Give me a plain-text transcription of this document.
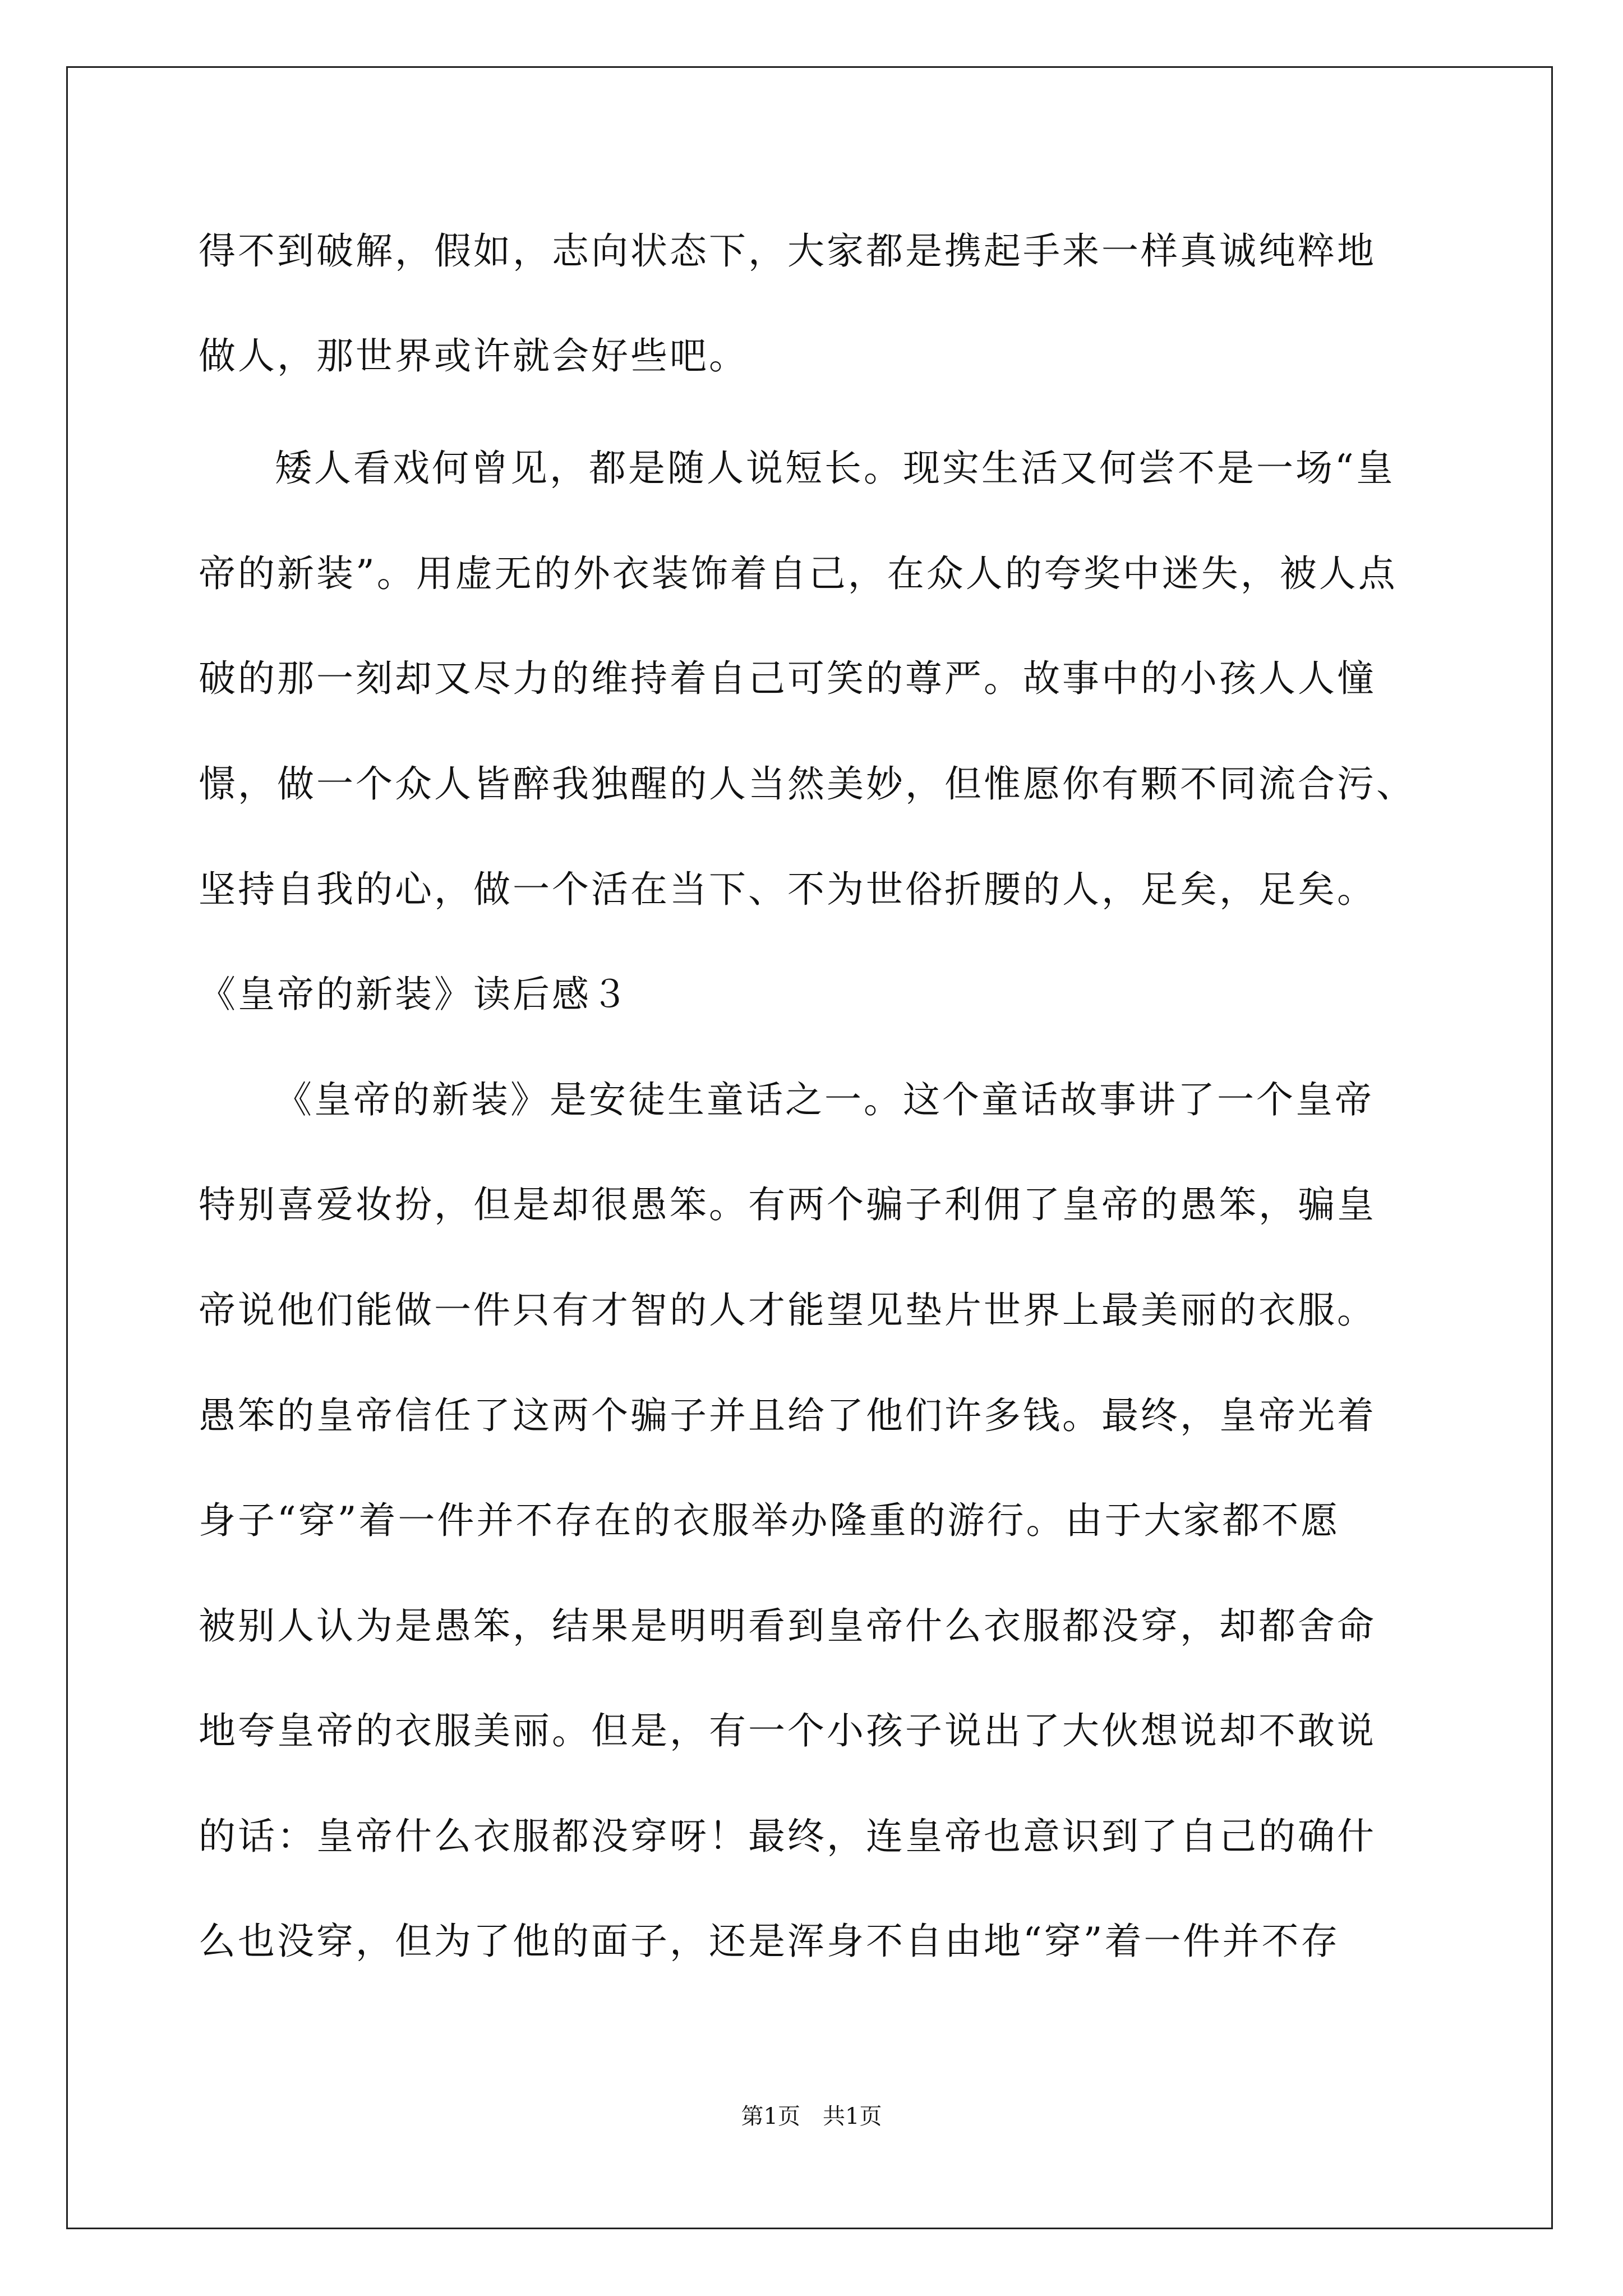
得不到破解，假如，志向状态下，大家都是携起手来一样真诚纯粹地
做人，那世界或许就会好些吧。
矮人看戏何曾见，都是随人说短长。现实生活又何尝不是一场“皇
帝的新装”。用虚无的外衣装饰着自己，在众人的夸奖中迷失，被人点
破的那一刻却又尽力的维持着自己可笑的尊严。故事中的小孩人人憧
憬，做一个众人皆醉我独醒的人当然美妙，但惟愿你有颗不同流合污、
坚持自我的心，做一个活在当下、不为世俗折腰的人，足矣，足矣。
《皇帝的新装》读后感３
《皇帝的新装》是安徒生童话之一。这个童话故事讲了一个皇帝
特别喜爱妆扮，但是却很愚笨。有两个骗子利佣了皇帝的愚笨，骗皇
帝说他们能做一件只有才智的人才能望见垫片世界上最美丽的衣服。
愚笨的皇帝信任了这两个骗子并且给了他们许多钱。最终，皇帝光着
身子“穿”着一件并不存在的衣服举办隆重的游行。由于大家都不愿
被别人认为是愚笨，结果是明明看到皇帝什么衣服都没穿，却都舍命
地夸皇帝的衣服美丽。但是，有一个小孩子说出了大伙想说却不敢说
的话：皇帝什么衣服都没穿呀！最终，连皇帝也意识到了自己的确什
么也没穿，但为了他的面子，还是浑身不自由地“穿”着一件并不存
第1页　共1页
